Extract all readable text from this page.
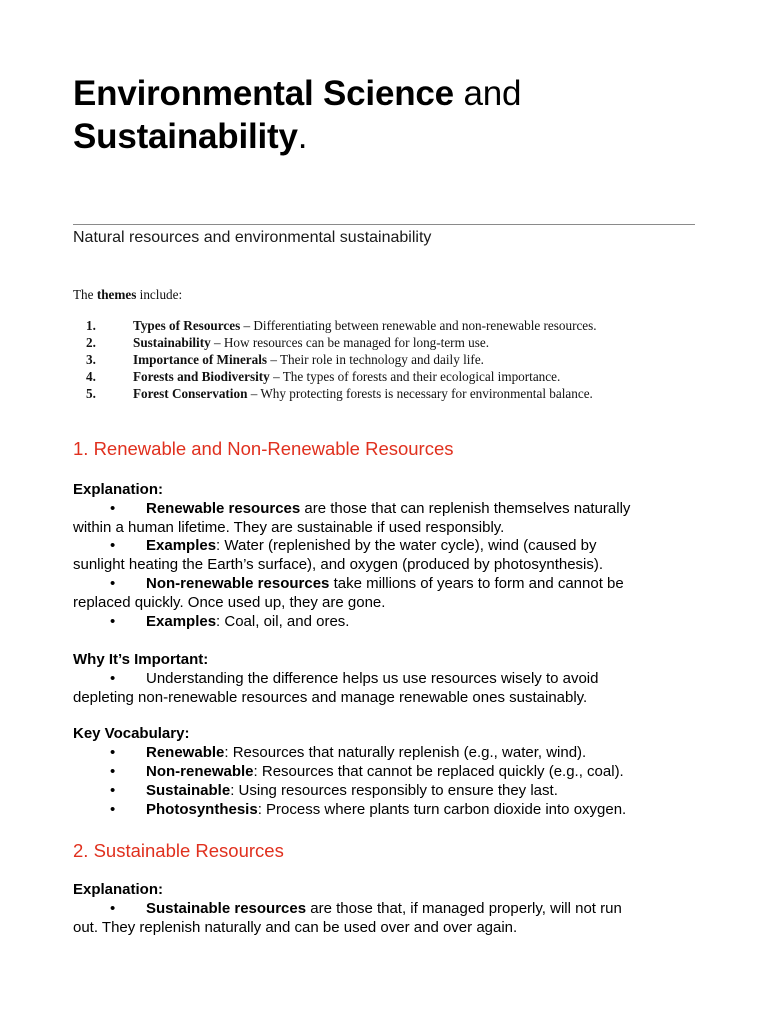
Environmental Science and
Sustainability.
Natural resources and environmental sustainability
The themes include:
1.	Types of Resources – Differentiating between renewable and non-renewable resources.
2.	Sustainability – How resources can be managed for long-term use.
3.	Importance of Minerals – Their role in technology and daily life.
4.	Forests and Biodiversity – The types of forests and their ecological importance.
5.	Forest Conservation – Why protecting forests is necessary for environmental balance.
1. Renewable and Non-Renewable Resources
Explanation:

• Renewable resources are those that can replenish themselves naturally
within a human lifetime. They are sustainable if used responsibly.

• Examples: Water (replenished by the water cycle), wind (caused by
sunlight heating the Earth’s surface), and oxygen (produced by photosynthesis).

• Non-renewable resources take millions of years to form and cannot be
replaced quickly. Once used up, they are gone.

• Examples: Coal, oil, and ores.

Why It’s Important:

• Understanding the difference helps us use resources wisely to avoid
depleting non-renewable resources and manage renewable ones sustainably.

Key Vocabulary:
• Renewable: Resources that naturally replenish (e.g., water, wind).
• Non-renewable: Resources that cannot be replaced quickly (e.g., coal).
• Sustainable: Using resources responsibly to ensure they last.
• Photosynthesis: Process where plants turn carbon dioxide into oxygen.
2. Sustainable Resources
Explanation:

• Sustainable resources are those that, if managed properly, will not run
out. They replenish naturally and can be used over and over again.
